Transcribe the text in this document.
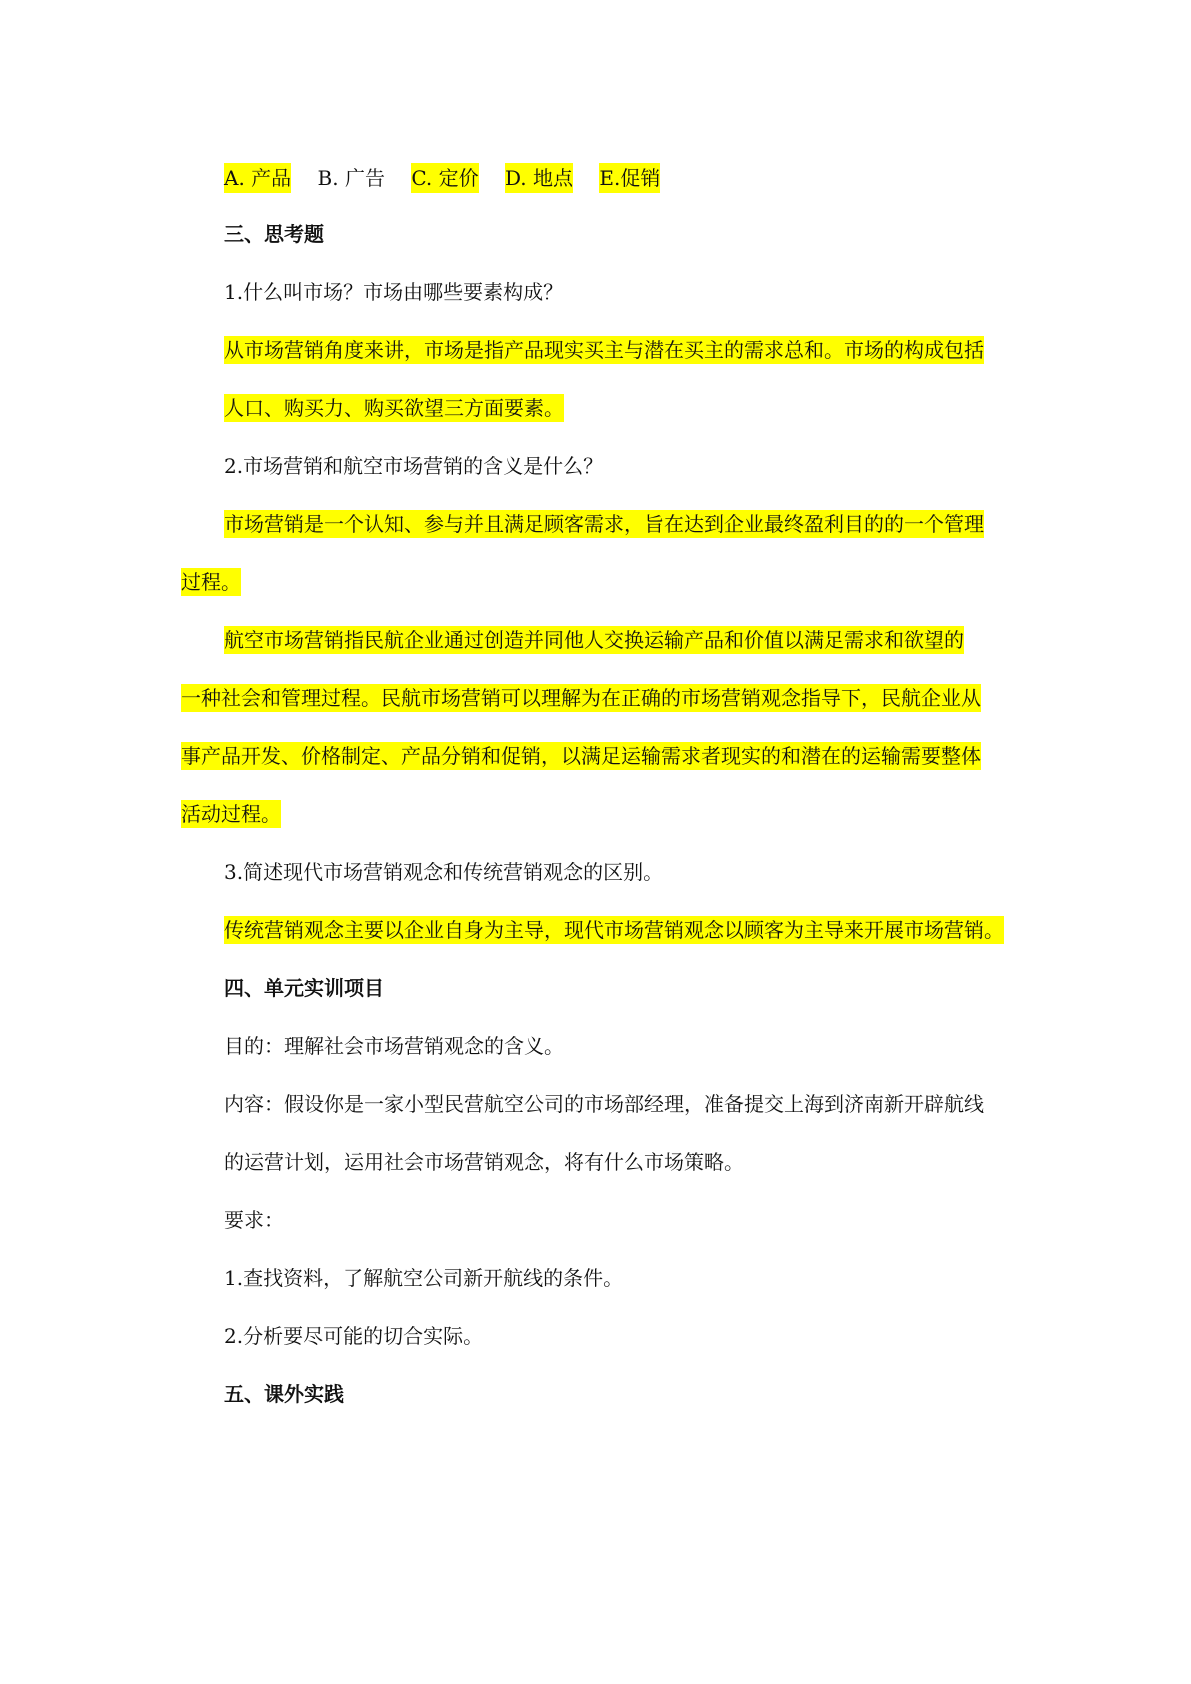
A. 产品 B. 广告 C. 定价 D. 地点 E.促销
三、思考题
1.什么叫市场？市场由哪些要素构成？
从市场营销角度来讲，市场是指产品现实买主与潜在买主的需求总和。市场的构成包括
人口、购买力、购买欲望三方面要素。
2.市场营销和航空市场营销的含义是什么？
市场营销是一个认知、参与并且满足顾客需求，旨在达到企业最终盈利目的的一个管理
过程。
航空市场营销指民航企业通过创造并同他人交换运输产品和价值以满足需求和欲望的
一种社会和管理过程。民航市场营销可以理解为在正确的市场营销观念指导下，民航企业从
事产品开发、价格制定、产品分销和促销，以满足运输需求者现实的和潜在的运输需要整体
活动过程。
3.简述现代市场营销观念和传统营销观念的区别。
传统营销观念主要以企业自身为主导，现代市场营销观念以顾客为主导来开展市场营销。
四、单元实训项目
目的：理解社会市场营销观念的含义。
内容：假设你是一家小型民营航空公司的市场部经理，准备提交上海到济南新开辟航线
的运营计划，运用社会市场营销观念，将有什么市场策略。
要求：
1.查找资料，了解航空公司新开航线的条件。
2.分析要尽可能的切合实际。
五、课外实践
